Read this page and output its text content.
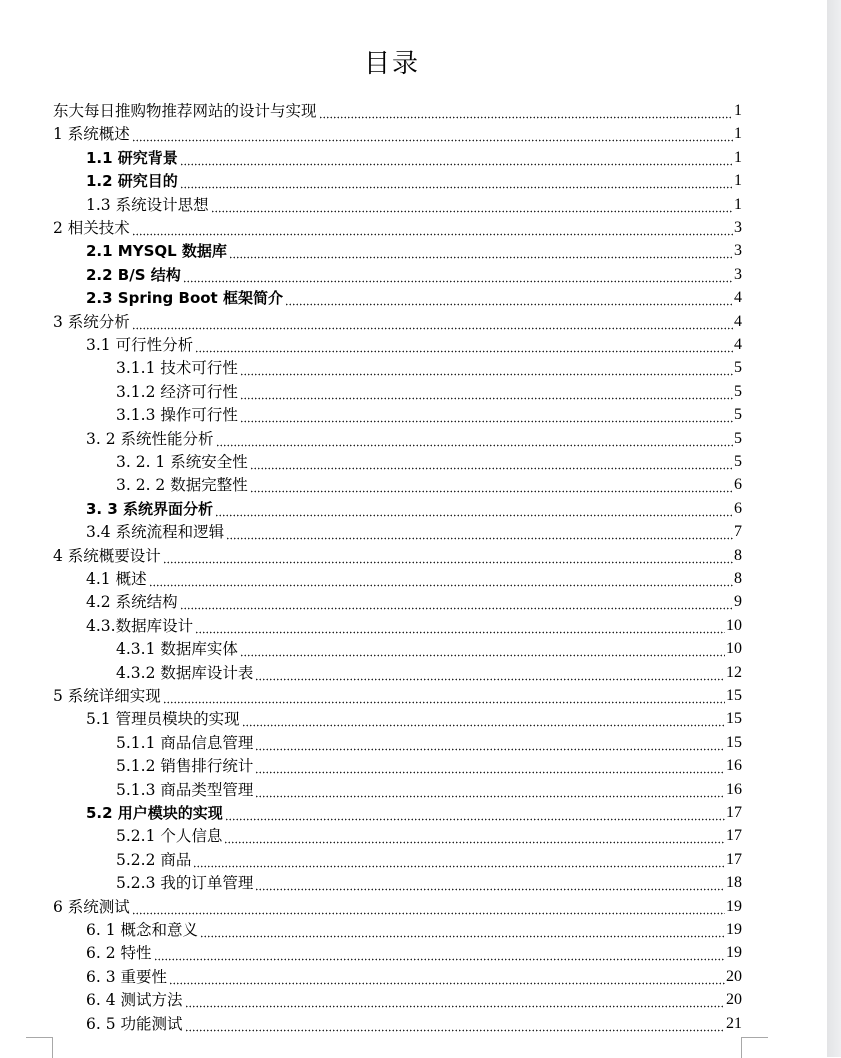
目录
东大每日推购物推荐网站的设计与实现	1
1 系统概述	1
1.1 研究背景	1
1.2 研究目的	1
1.3 系统设计思想	1
2 相关技术	3
2.1 MYSQL 数据库	3
2.2 B/S 结构	3
2.3 Spring Boot 框架简介	4
3 系统分析	4
3.1 可行性分析	4
3.1.1 技术可行性	5
3.1.2 经济可行性	5
3.1.3 操作可行性	5
3. 2 系统性能分析	5
3. 2. 1 系统安全性	5
3. 2. 2 数据完整性	6
3. 3 系统界面分析	6
3.4 系统流程和逻辑	7
4 系统概要设计	8
4.1 概述	8
4.2 系统结构	9
4.3.数据库设计	10
4.3.1 数据库实体	10
4.3.2 数据库设计表	12
5 系统详细实现	15
5.1 管理员模块的实现	15
5.1.1 商品信息管理	15
5.1.2 销售排行统计	16
5.1.3 商品类型管理	16
5.2 用户模块的实现	17
5.2.1 个人信息	17
5.2.2 商品	17
5.2.3 我的订单管理	18
6 系统测试	19
6. 1 概念和意义	19
6. 2 特性	19
6. 3 重要性	20
6. 4 测试方法	20
6. 5 功能测试	21
